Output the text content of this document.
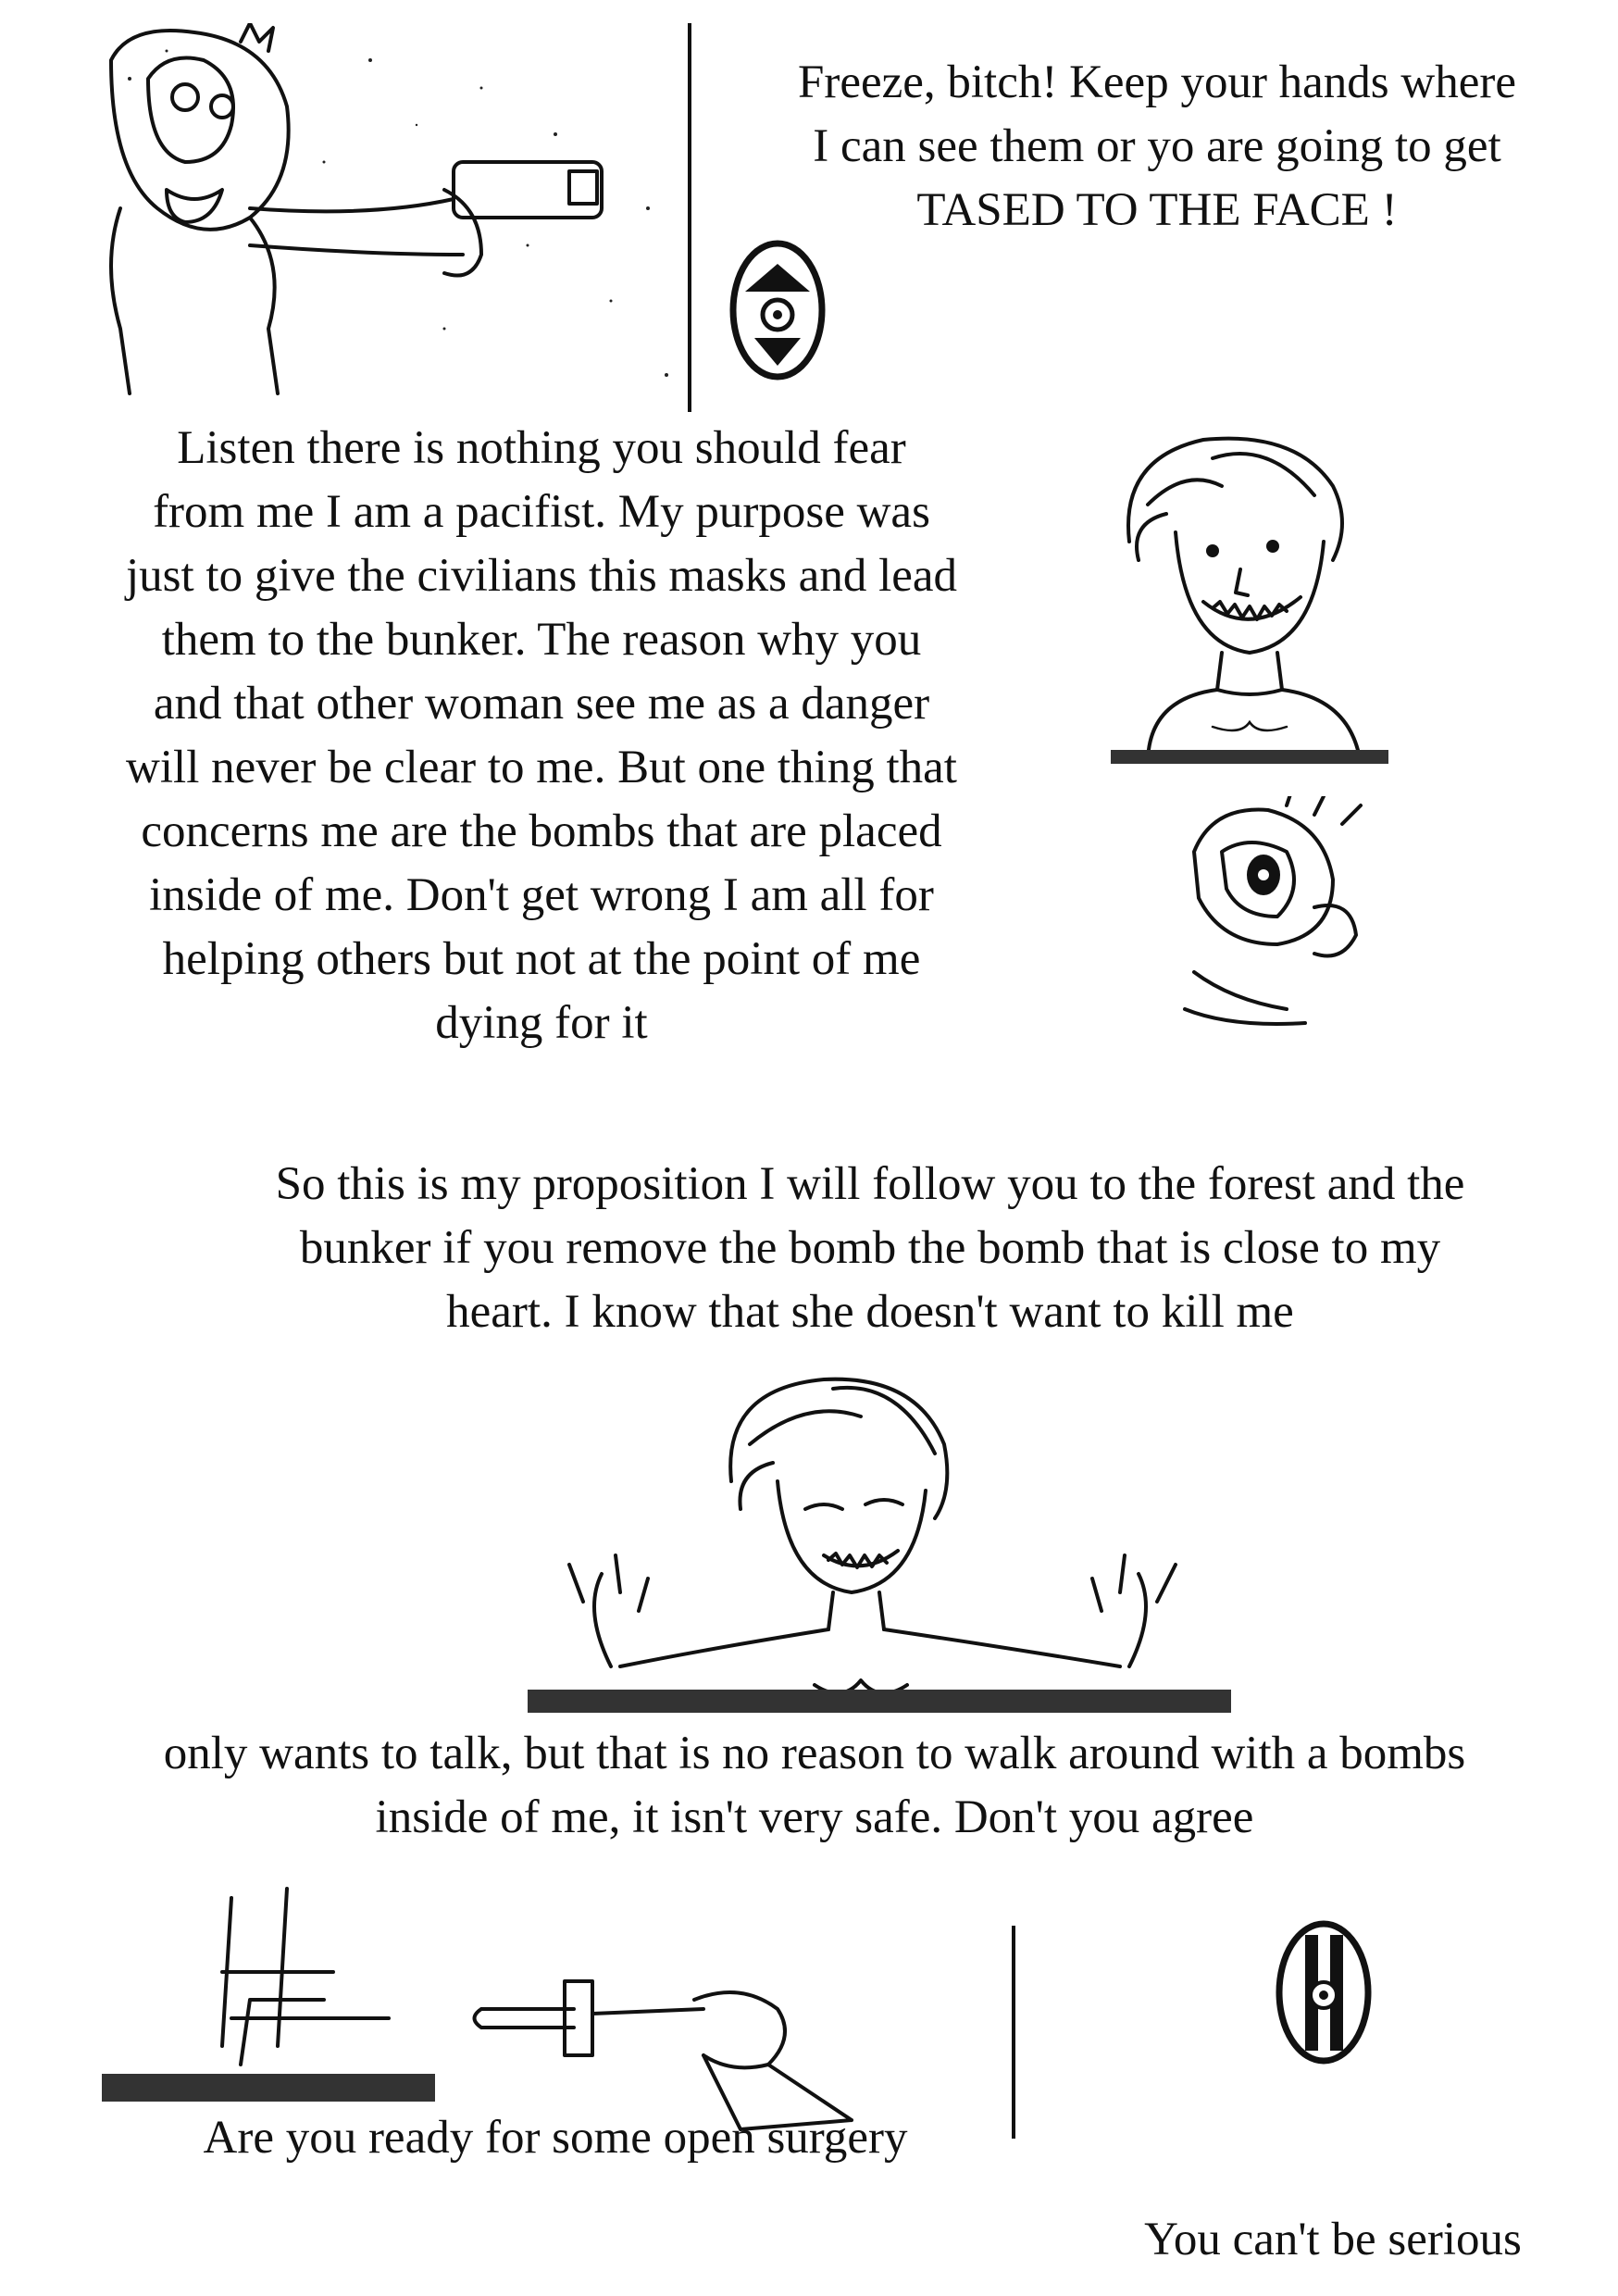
Freeze, bitch! Keep your hands where
I can see them or yo are going to get
TASED TO THE FACE !
Listen there is nothing you should fear
from me I am a pacifist. My purpose was
just to give the civilians this masks and lead
them to the bunker. The reason why you
and that other woman see me as a danger
will never be clear to me. But one thing that
concerns me are the bombs that are placed
inside of me. Don't get wrong I am all for
helping others but not at the point of me
dying for it
So this is my proposition I will follow you to the forest and the
bunker if you remove the bomb the bomb that is close to my
heart. I know that she doesn't want to kill me
only wants to talk, but that is no reason to walk around with a bombs
inside of me, it isn't very safe. Don't you agree
Are you ready for some open surgery
You can't be serious
